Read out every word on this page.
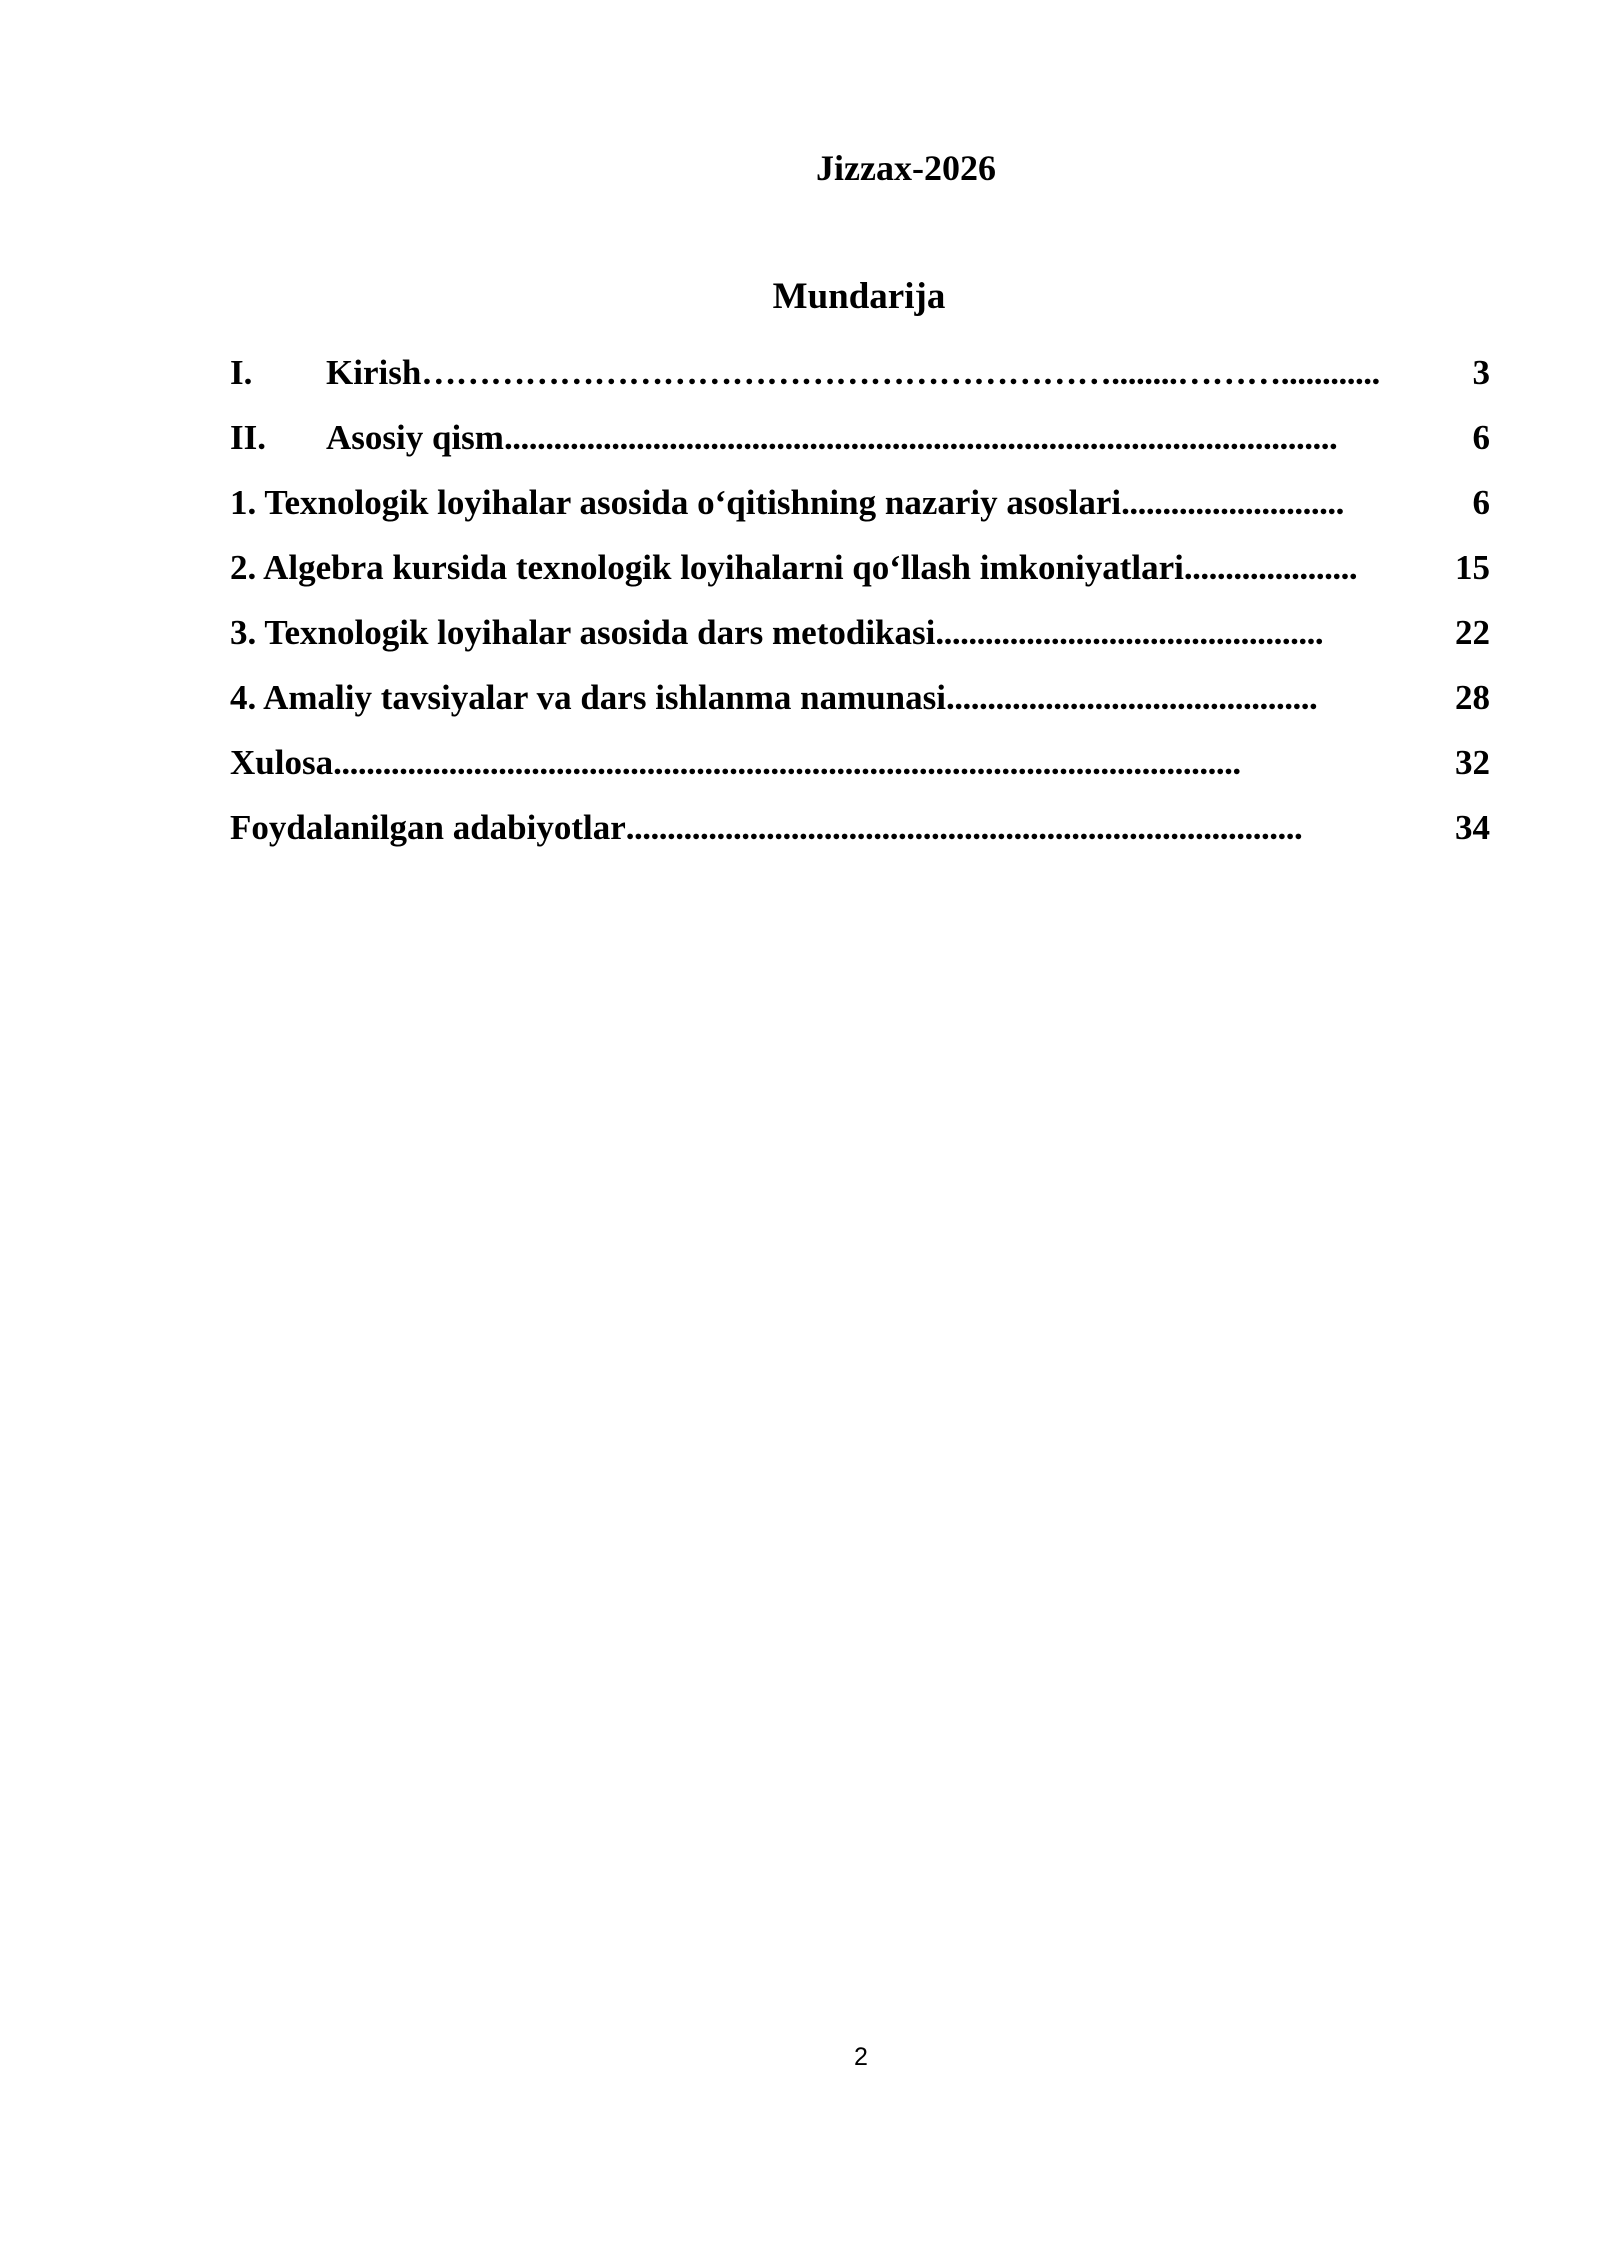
Jizzax-2026
Mundarija
I.	Kirish ……………………………………………………........………............	3
II.	Asosiy qism .....................................................................................................	6
1. Texnologik loyihalar asosida o‘qitishning nazariy asoslari ...........................	6
2. Algebra kursida texnologik loyihalarni qo‘llash imkoniyatlari .....................	15
3. Texnologik loyihalar asosida dars metodikasi ...............................................	22
4. Amaliy tavsiyalar va dars ishlanma namunasi .............................................	28
Xulosa ..............................................................................................................	32
Foydalanilgan adabiyotlar ..................................................................................	34
2
